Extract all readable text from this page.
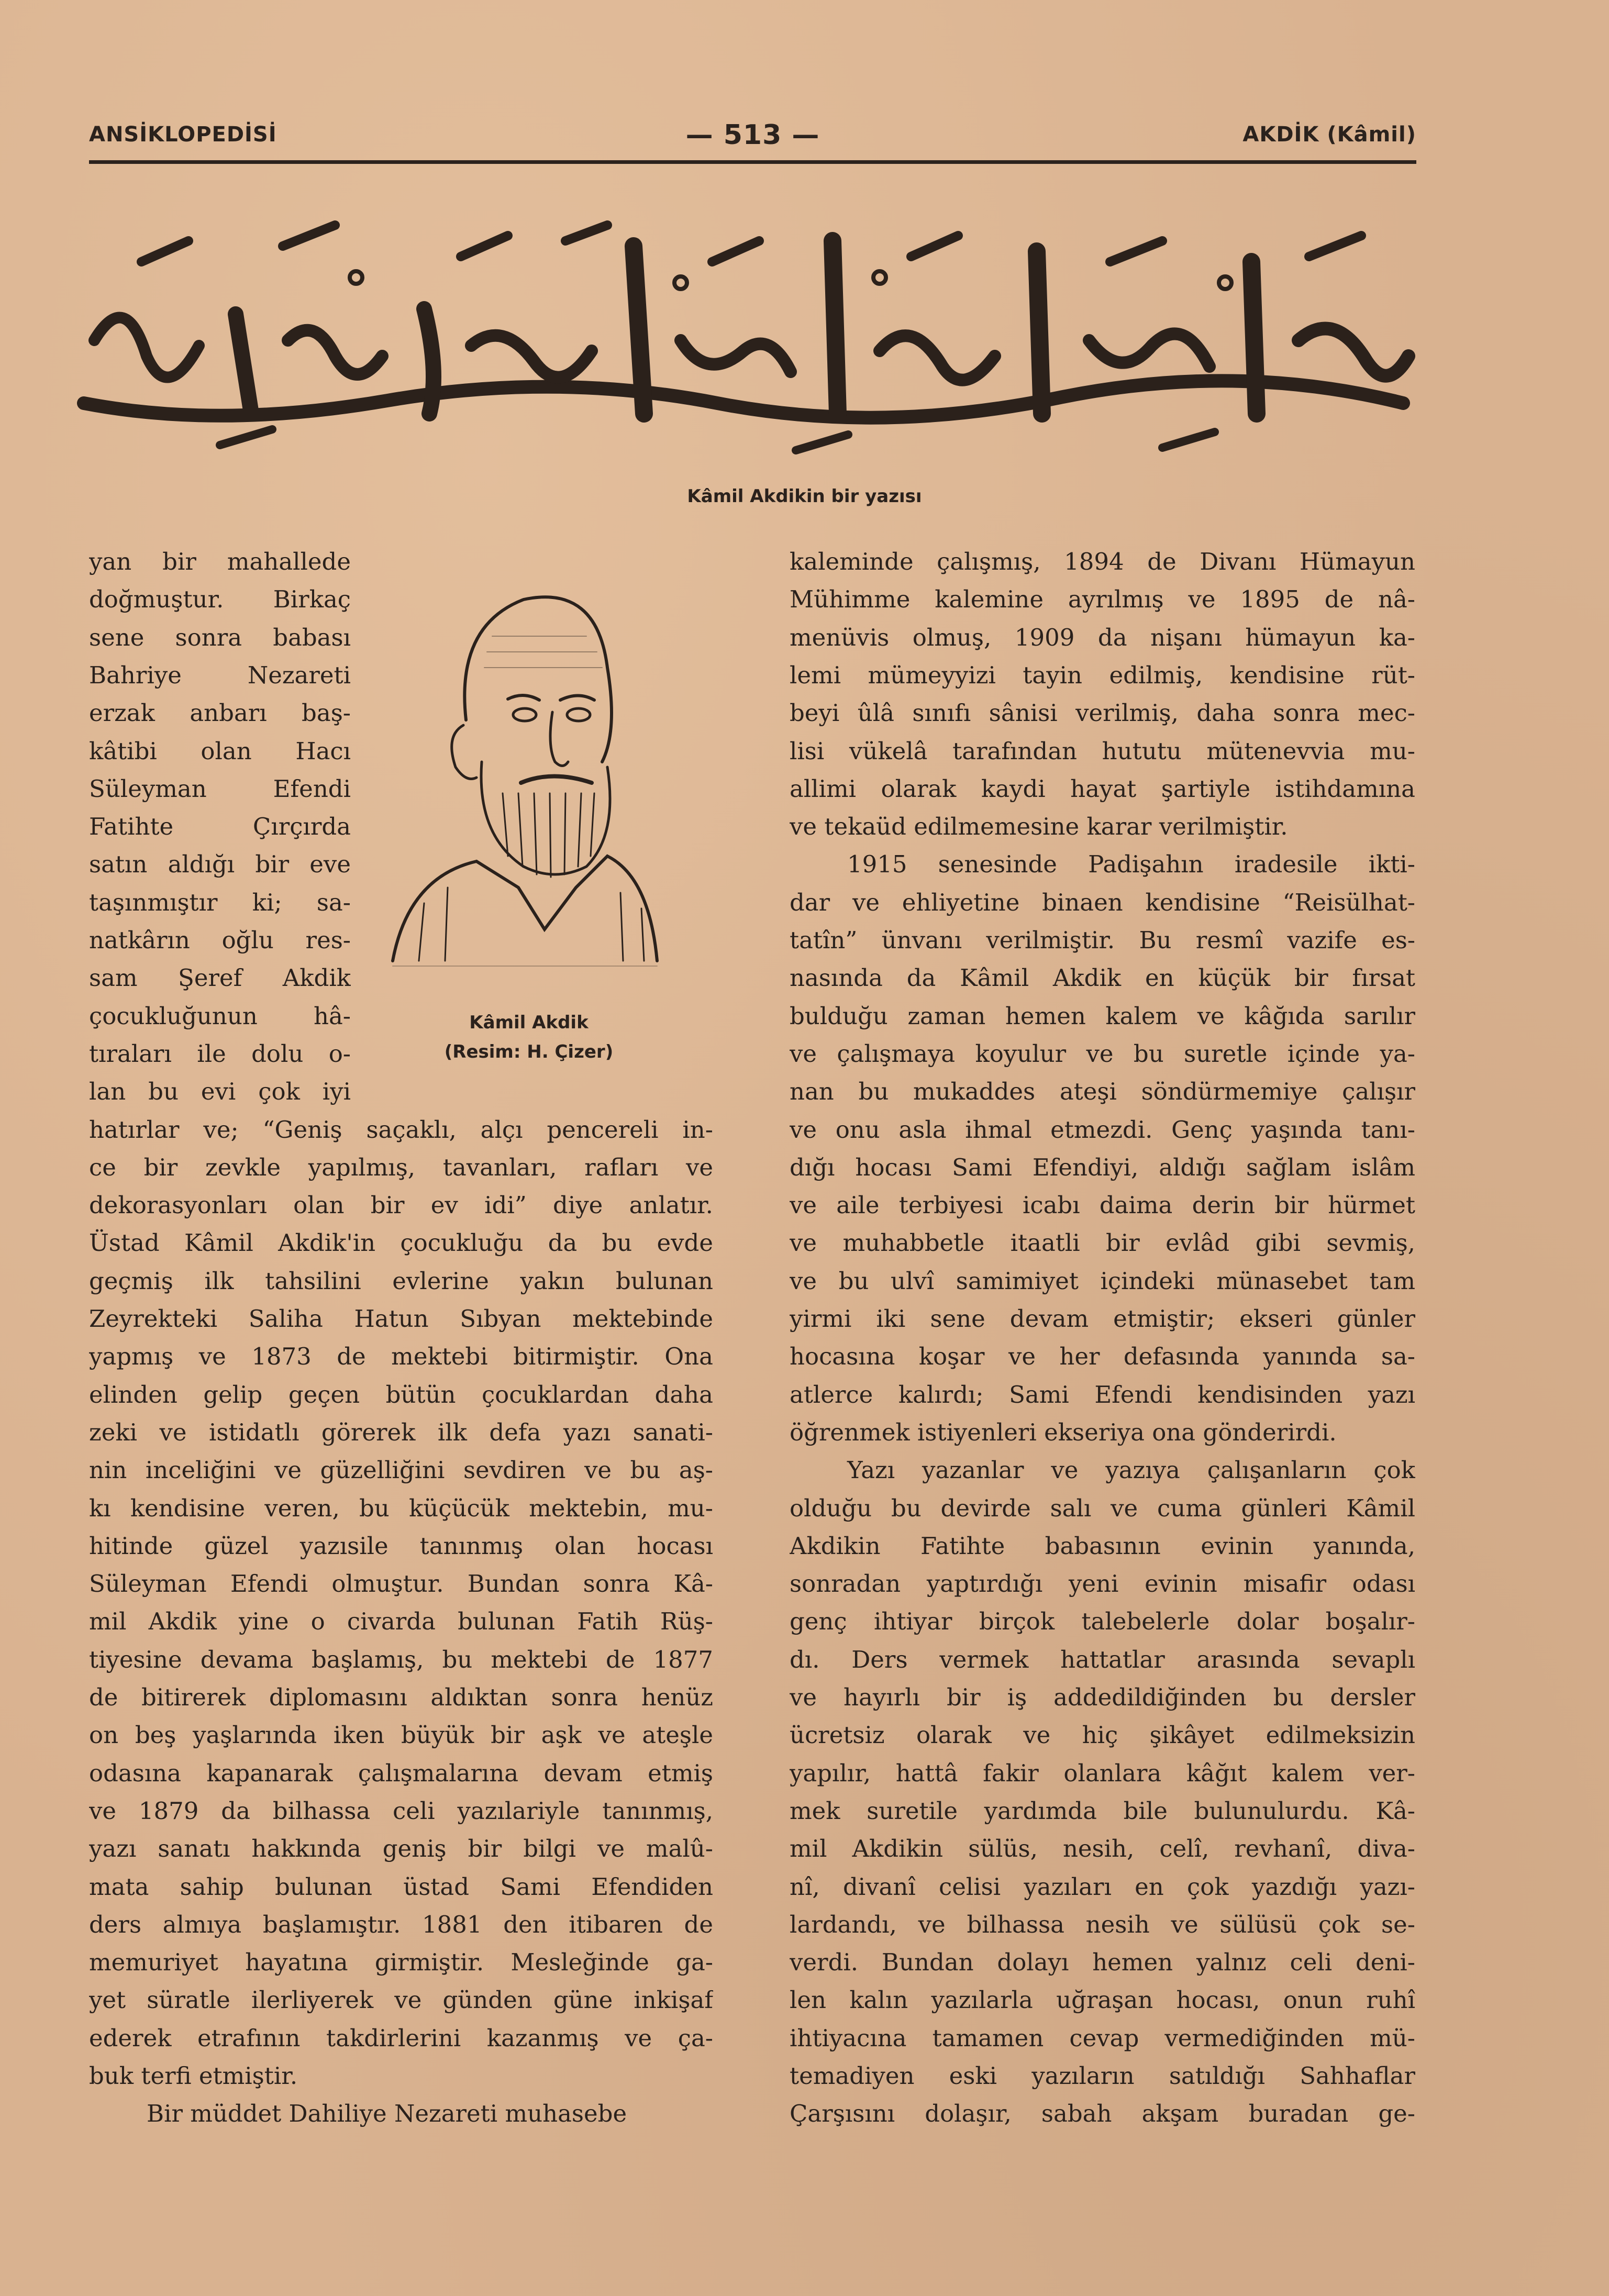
ANSİKLOPEDİSİ	— 513 —	AKDİK (Kâmil)
Kâmil Akdikin bir yazısı
Kâmil Akdik
(Resim: H. Çizer)
yan bir mahallede
doğmuştur. Birkaç
sene sonra babası
Bahriye Nezareti
erzak anbarı baş-
kâtibi olan Hacı
Süleyman Efendi
Fatihte Çırçırda
satın aldığı bir eve
taşınmıştır ki; sa-
natkârın oğlu res-
sam Şeref Akdik
çocukluğunun hâ-
tıraları ile dolu o-
lan bu evi çok iyi
hatırlar ve; “Geniş saçaklı, alçı pencereli in-
ce bir zevkle yapılmış, tavanları, rafları ve
dekorasyonları olan bir ev idi” diye anlatır.
Üstad Kâmil Akdik'in çocukluğu da bu evde
geçmiş ilk tahsilini evlerine yakın bulunan
Zeyrekteki Saliha Hatun Sıbyan mektebinde
yapmış ve 1873 de mektebi bitirmiştir. Ona
elinden gelip geçen bütün çocuklardan daha
zeki ve istidatlı görerek ilk defa yazı sanati-
nin inceliğini ve güzelliğini sevdiren ve bu aş-
kı kendisine veren, bu küçücük mektebin, mu-
hitinde güzel yazısile tanınmış olan hocası
Süleyman Efendi olmuştur. Bundan sonra Kâ-
mil Akdik yine o civarda bulunan Fatih Rüş-
tiyesine devama başlamış, bu mektebi de 1877
de bitirerek diplomasını aldıktan sonra henüz
on beş yaşlarında iken büyük bir aşk ve ateşle
odasına kapanarak çalışmalarına devam etmiş
ve 1879 da bilhassa celi yazılariyle tanınmış,
yazı sanatı hakkında geniş bir bilgi ve malû-
mata sahip bulunan üstad Sami Efendiden
ders almıya başlamıştır. 1881 den itibaren de
memuriyet hayatına girmiştir. Mesleğinde ga-
yet süratle ilerliyerek ve günden güne inkişaf
ederek etrafının takdirlerini kazanmış ve ça-
buk terfi etmiştir.
Bir müddet Dahiliye Nezareti muhasebe
kaleminde çalışmış, 1894 de Divanı Hümayun
Mühimme kalemine ayrılmış ve 1895 de nâ-
menüvis olmuş, 1909 da nişanı hümayun ka-
lemi mümeyyizi tayin edilmiş, kendisine rüt-
beyi ûlâ sınıfı sânisi verilmiş, daha sonra mec-
lisi vükelâ tarafından hututu mütenevvia mu-
allimi olarak kaydi hayat şartiyle istihdamına
ve tekaüd edilmemesine karar verilmiştir.
1915 senesinde Padişahın iradesile ikti-
dar ve ehliyetine binaen kendisine “Reisülhat-
tatîn” ünvanı verilmiştir. Bu resmî vazife es-
nasında da Kâmil Akdik en küçük bir fırsat
bulduğu zaman hemen kalem ve kâğıda sarılır
ve çalışmaya koyulur ve bu suretle içinde ya-
nan bu mukaddes ateşi söndürmemiye çalışır
ve onu asla ihmal etmezdi. Genç yaşında tanı-
dığı hocası Sami Efendiyi, aldığı sağlam islâm
ve aile terbiyesi icabı daima derin bir hürmet
ve muhabbetle itaatli bir evlâd gibi sevmiş,
ve bu ulvî samimiyet içindeki münasebet tam
yirmi iki sene devam etmiştir; ekseri günler
hocasına koşar ve her defasında yanında sa-
atlerce kalırdı; Sami Efendi kendisinden yazı
öğrenmek istiyenleri ekseriya ona gönderirdi.
Yazı yazanlar ve yazıya çalışanların çok
olduğu bu devirde salı ve cuma günleri Kâmil
Akdikin Fatihte babasının evinin yanında,
sonradan yaptırdığı yeni evinin misafir odası
genç ihtiyar birçok talebelerle dolar boşalır-
dı. Ders vermek hattatlar arasında sevaplı
ve hayırlı bir iş addedildiğinden bu dersler
ücretsiz olarak ve hiç şikâyet edilmeksizin
yapılır, hattâ fakir olanlara kâğıt kalem ver-
mek suretile yardımda bile bulunulurdu. Kâ-
mil Akdikin sülüs, nesih, celî, revhanî, diva-
nî, divanî celisi yazıları en çok yazdığı yazı-
lardandı, ve bilhassa nesih ve sülüsü çok se-
verdi. Bundan dolayı hemen yalnız celi deni-
len kalın yazılarla uğraşan hocası, onun ruhî
ihtiyacına tamamen cevap vermediğinden mü-
temadiyen eski yazıların satıldığı Sahhaflar
Çarşısını dolaşır, sabah akşam buradan ge-
